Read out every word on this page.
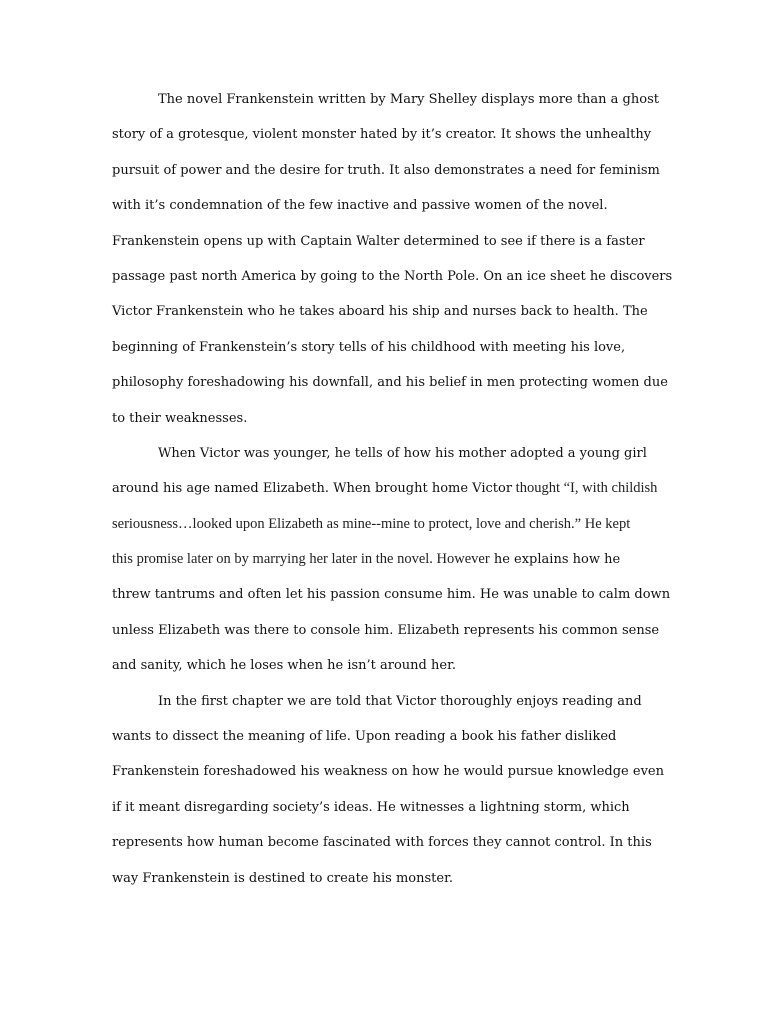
The novel Frankenstein written by Mary Shelley displays more than a ghost
story of a grotesque, violent monster hated by it’s creator. It shows the unhealthy
pursuit of power and the desire for truth. It also demonstrates a need for feminism
with it’s condemnation of the few inactive and passive women of the novel.
Frankenstein opens up with Captain Walter determined to see if there is a faster
passage past north America by going to the North Pole. On an ice sheet he discovers
Victor Frankenstein who he takes aboard his ship and nurses back to health. The
beginning of Frankenstein’s story tells of his childhood with meeting his love,
philosophy foreshadowing his downfall, and his belief in men protecting women due
to their weaknesses.
When Victor was younger, he tells of how his mother adopted a young girl
around his age named Elizabeth. When brought home Victor thought “I, with childish
seriousness…looked upon Elizabeth as mine--mine to protect, love and cherish.” He kept
this promise later on by marrying her later in the novel. However he explains how he
threw tantrums and often let his passion consume him. He was unable to calm down
unless Elizabeth was there to console him. Elizabeth represents his common sense
and sanity, which he loses when he isn’t around her.
In the first chapter we are told that Victor thoroughly enjoys reading and
wants to dissect the meaning of life. Upon reading a book his father disliked
Frankenstein foreshadowed his weakness on how he would pursue knowledge even
if it meant disregarding society’s ideas. He witnesses a lightning storm, which
represents how human become fascinated with forces they cannot control. In this
way Frankenstein is destined to create his monster.
